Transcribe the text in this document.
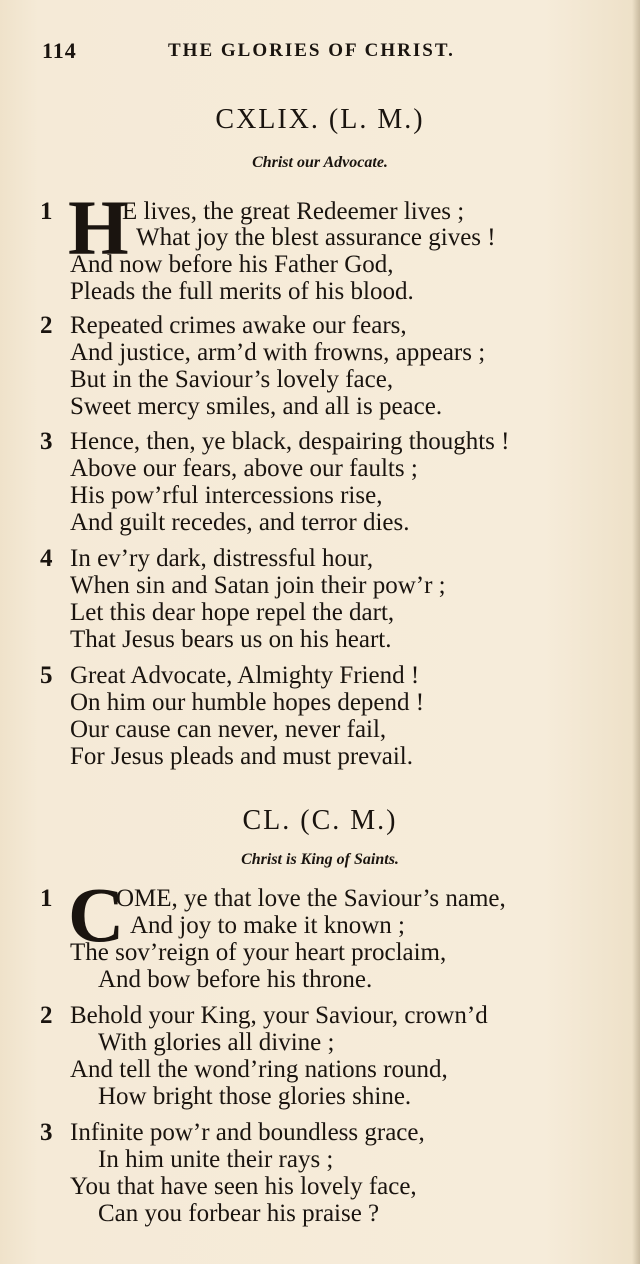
114	THE GLORIES OF CHRIST.
CXLIX. (L. M.)
Christ our Advocate.
1 H
E lives, the great Redeemer lives ;
What joy the blest assurance gives !
And now before his Father God,
Pleads the full merits of his blood.
2 Repeated crimes awake our fears,
And justice, arm’d with frowns, appears ;
But in the Saviour’s lovely face,
Sweet mercy smiles, and all is peace.
3 Hence, then, ye black, despairing thoughts !
Above our fears, above our faults ;
His pow’rful intercessions rise,
And guilt recedes, and terror dies.
4 In ev’ry dark, distressful hour,
When sin and Satan join their pow’r ;
Let this dear hope repel the dart,
That Jesus bears us on his heart.
5 Great Advocate, Almighty Friend !
On him our humble hopes depend !
Our cause can never, never fail,
For Jesus pleads and must prevail.
CL. (C. M.)
Christ is King of Saints.
1 C
OME, ye that love the Saviour’s name,
And joy to make it known ;
The sov’reign of your heart proclaim,
And bow before his throne.
2 Behold your King, your Saviour, crown’d
With glories all divine ;
And tell the wond’ring nations round,
How bright those glories shine.
3 Infinite pow’r and boundless grace,
In him unite their rays ;
You that have seen his lovely face,
Can you forbear his praise ?
